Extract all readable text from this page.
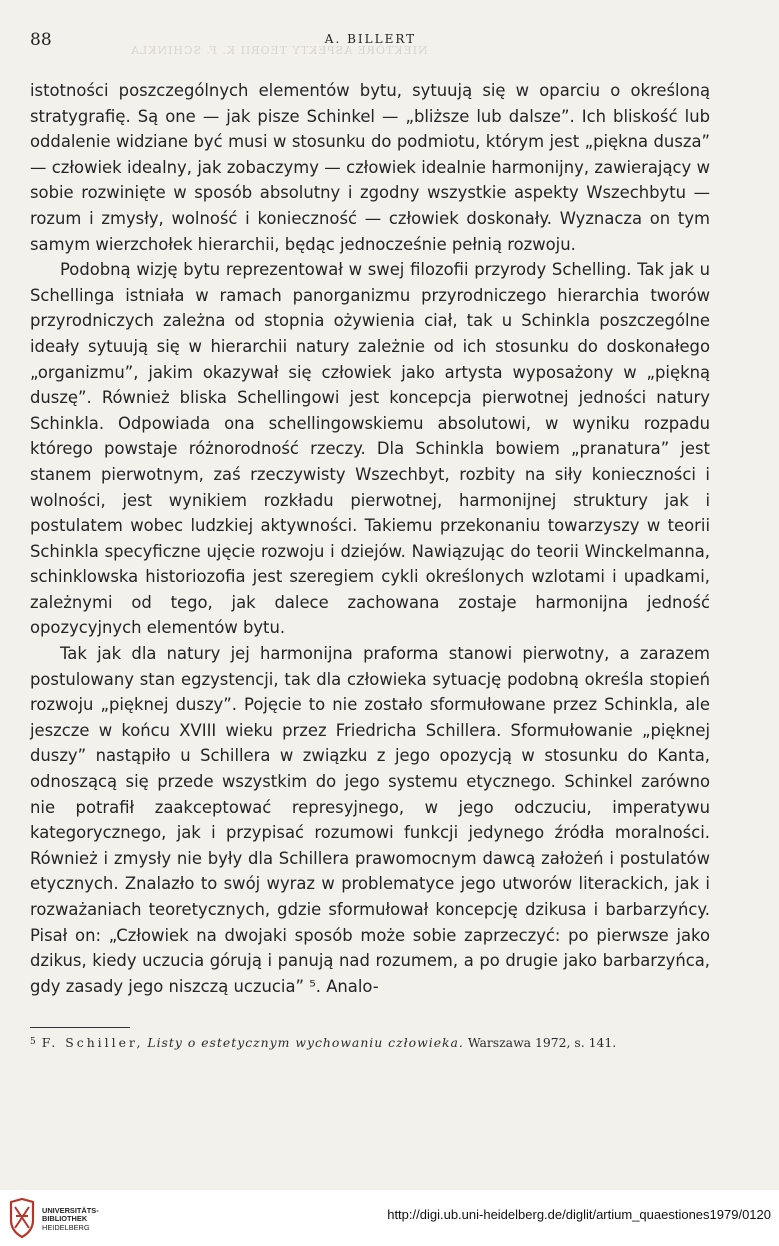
NIEKTÓRE ASPEKTY TEORII K. F. SCHINKLA
88	A. BILLERT

istotności poszczególnych elementów bytu, sytuują się w oparciu o określoną stratygrafię. Są one — jak pisze Schinkel — „bliższe lub dalsze”. Ich bliskość lub oddalenie widziane być musi w stosunku do podmiotu, którym jest „piękna dusza” — człowiek idealny, jak zobaczymy — człowiek idealnie harmonijny, zawierający w sobie rozwinięte w sposób absolutny i zgodny wszystkie aspekty Wszechbytu — rozum i zmysły, wolność i konieczność — człowiek doskonały. Wyznacza on tym samym wierzchołek hierarchii, będąc jednocześnie pełnią rozwoju.

Podobną wizję bytu reprezentował w swej filozofii przyrody Schelling. Tak jak u Schellinga istniała w ramach panorganizmu przyrodniczego hierarchia tworów przyrodniczych zależna od stopnia ożywienia ciał, tak u Schinkla poszczególne ideały sytuują się w hierarchii natury zależnie od ich stosunku do doskonałego „organizmu”, jakim okazywał się człowiek jako artysta wyposażony w „piękną duszę”. Również bliska Schellingowi jest koncepcja pierwotnej jedności natury Schinkla. Odpowiada ona schellingowskiemu absolutowi, w wyniku rozpadu którego powstaje różnorodność rzeczy. Dla Schinkla bowiem „pranatura” jest stanem pierwotnym, zaś rzeczywisty Wszechbyt, rozbity na siły konieczności i wolności, jest wynikiem rozkładu pierwotnej, harmonijnej struktury jak i postulatem wobec ludzkiej aktywności. Takiemu przekonaniu towarzyszy w teorii Schinkla specyficzne ujęcie rozwoju i dziejów. Nawiązując do teorii Winckelmanna, schinklowska historiozofia jest szeregiem cykli określonych wzlotami i upadkami, zależnymi od tego, jak dalece zachowana zostaje harmonijna jedność opozycyjnych elementów bytu.

Tak jak dla natury jej harmonijna praforma stanowi pierwotny, a zarazem postulowany stan egzystencji, tak dla człowieka sytuację podobną określa stopień rozwoju „pięknej duszy”. Pojęcie to nie zostało sformułowane przez Schinkla, ale jeszcze w końcu XVIII wieku przez Friedricha Schillera. Sformułowanie „pięknej duszy” nastąpiło u Schillera w związku z jego opozycją w stosunku do Kanta, odnoszącą się przede wszystkim do jego systemu etycznego. Schinkel zarówno nie potrafił zaakceptować represyjnego, w jego odczuciu, imperatywu kategorycznego, jak i przypisać rozumowi funkcji jedynego źródła moralności. Również i zmysły nie były dla Schillera prawomocnym dawcą założeń i postulatów etycznych. Znalazło to swój wyraz w problematyce jego utworów literackich, jak i rozważaniach teoretycznych, gdzie sformułował koncepcję dzikusa i barbarzyńcy. Pisał on: „Człowiek na dwojaki sposób może sobie zaprzeczyć: po pierwsze jako dzikus, kiedy uczucia górują i panują nad rozumem, a po drugie jako barbarzyńca, gdy zasady jego niszczą uczucia” ⁵. Analo-

$^5$ F. Schiller, Listy o estetycznym wychowaniu człowieka. Warszawa 1972, s. 141.
UNIVERSITÄTS-
BIBLIOTHEK
HEIDELBERG
http://digi.ub.uni-heidelberg.de/diglit/artium_quaestiones1979/0120
